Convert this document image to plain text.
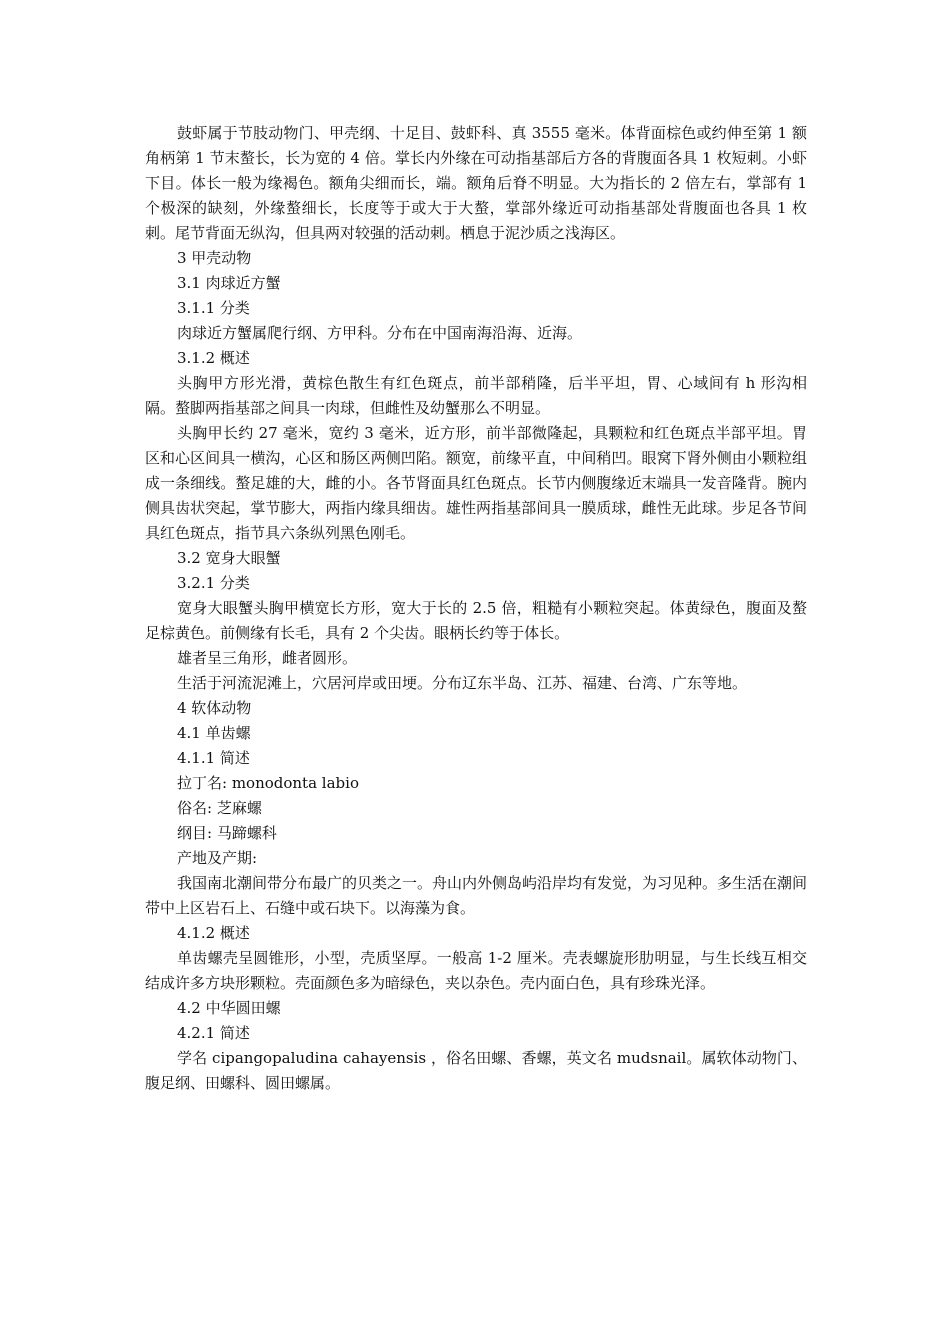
鼓虾属于节肢动物门、甲壳纲、十足目、鼓虾科、真 3555 毫米。体背面棕色或约伸至第 1 额角柄第 1 节末螯长，长为宽的 4 倍。掌长内外缘在可动指基部后方各的背腹面各具 1 枚短刺。小虾下目。体长一般为缘褐色。额角尖细而长，端。额角后脊不明显。大为指长的 2 倍左右，掌部有 1 个极深的缺刻，外缘螯细长，长度等于或大于大螯，掌部外缘近可动指基部处背腹面也各具 1 枚刺。尾节背面无纵沟，但具两对较强的活动刺。栖息于泥沙质之浅海区。

3 甲壳动物

3.1 肉球近方蟹

3.1.1 分类

肉球近方蟹属爬行纲、方甲科。分布在中国南海沿海、近海。

3.1.2 概述

头胸甲方形光滑，黄棕色散生有红色斑点，前半部稍隆，后半平坦，胃、心域间有 h 形沟相隔。螯脚两指基部之间具一肉球，但雌性及幼蟹那么不明显。

头胸甲长约 27 毫米，宽约 3 毫米，近方形，前半部微隆起，具颗粒和红色斑点半部平坦。胃区和心区间具一横沟，心区和肠区两侧凹陷。额宽，前缘平直，中间稍凹。眼窝下肾外侧由小颗粒组成一条细线。螯足雄的大，雌的小。各节肾面具红色斑点。长节内侧腹缘近末端具一发音隆背。腕内侧具齿状突起，掌节膨大，两指内缘具细齿。雄性两指基部间具一膜质球，雌性无此球。步足各节间具红色斑点，指节具六条纵列黑色刚毛。

3.2 宽身大眼蟹

3.2.1 分类

宽身大眼蟹头胸甲横宽长方形，宽大于长的 2.5 倍，粗糙有小颗粒突起。体黄绿色，腹面及螯足棕黄色。前侧缘有长毛，具有 2 个尖齿。眼柄长约等于体长。

雄者呈三角形，雌者圆形。

生活于河流泥滩上，穴居河岸或田埂。分布辽东半岛、江苏、福建、台湾、广东等地。

4 软体动物

4.1 单齿螺

4.1.1 简述

拉丁名: monodonta labio

俗名: 芝麻螺

纲目: 马蹄螺科

产地及产期:

我国南北潮间带分布最广的贝类之一。舟山内外侧岛屿沿岸均有发觉，为习见种。多生活在潮间带中上区岩石上、石缝中或石块下。以海藻为食。

4.1.2 概述

单齿螺壳呈圆锥形，小型，壳质坚厚。一般高 1-2 厘米。壳表螺旋形肋明显，与生长线互相交结成许多方块形颗粒。壳面颜色多为暗绿色，夹以杂色。壳内面白色，具有珍珠光泽。

4.2 中华圆田螺

4.2.1 简述

学名 cipangopaludina cahayensis ，俗名田螺、香螺，英文名 mudsnail。属软体动物门、腹足纲、田螺科、圆田螺属。
